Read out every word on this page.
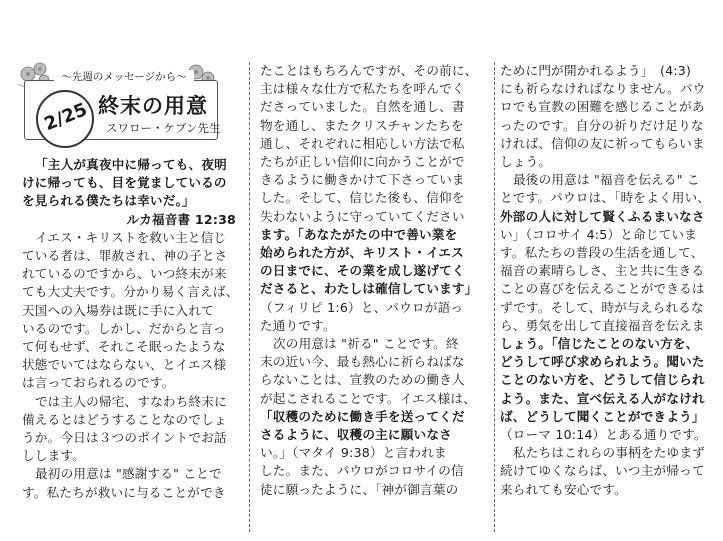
～先週のメッセージから～
2/25 終末の用意
スワロー・ケブン先生
「主人が真夜中に帰っても、夜明
けに帰っても、目を覚ましているの
を見られる僕たちは幸いだ。」
ルカ福音書 12:38
イエス・キリストを救い主と信じ
ている者は、罪赦され、神の子とさ
れているのですから、いつ終末が来
ても大丈夫です。分かり易く言えば、
天国への入場券は既に手に入れて
いるのです。しかし、だからと言っ
て何もせず、それこそ眠ったような
状態でいてはならない、とイエス様
は言っておられるのです。
では主人の帰宅、すなわち終末に
備えるとはどうすることなのでしょ
うか。今日は３つのポイントでお話
しします。
最初の用意は "感謝する" ことで
す。私たちが救いに与ることができ
たことはもちろんですが、その前に、
主は様々な仕方で私たちを呼んでく
ださっていました。自然を通し、書
物を通し、またクリスチャンたちを
通し、それぞれに相応しい方法で私
たちが正しい信仰に向かうことがで
きるように働きかけて下さっていま
した。そして、信じた後も、信仰を
失わないように守っていてください
ます。「あなたがたの中で善い業を
始められた方が、キリスト・イエス
の日までに、その業を成し遂げてく
ださると、わたしは確信しています」
（フィリピ 1:6）と、パウロが語っ
た通りです。
次の用意は "祈る" ことです。終
末の近い今、最も熱心に祈らねばな
らないことは、宣教のための働き人
が起こされることです。イエス様は、
「収穫のために働き手を送ってくだ
さるように、収穫の主に願いなさ
い。」（マタイ 9:38）と言われま
した。また、パウロがコロサイの信
徒に願ったように、「神が御言葉の
ために門が開かれるよう」　(4:3)
にも祈らなければなりません。パウ
ロでも宣教の困難を感じることがあ
ったのです。自分の祈りだけ足りな
ければ、信仰の友に祈ってもらいま
しょう。
最後の用意は "福音を伝える" こ
とです。パウロは、「時をよく用い、
外部の人に対して賢くふるまいなさ
い」（コロサイ 4:5）と命じていま
す。私たちの普段の生活を通して、
福音の素晴らしさ、主と共に生きる
ことの喜びを伝えることができるは
ずです。そして、時が与えられるな
ら、勇気を出して直接福音を伝えま
しょう。「信じたことのない方を、
どうして呼び求められよう。聞いた
ことのない方を、どうして信じられ
よう。また、宣べ伝える人がなけれ
ば、どうして聞くことができよう」
（ローマ 10:14）とある通りです。
私たちはこれらの事柄をたゆまず
続けてゆくならば、いつ主が帰って
来られても安心です。
